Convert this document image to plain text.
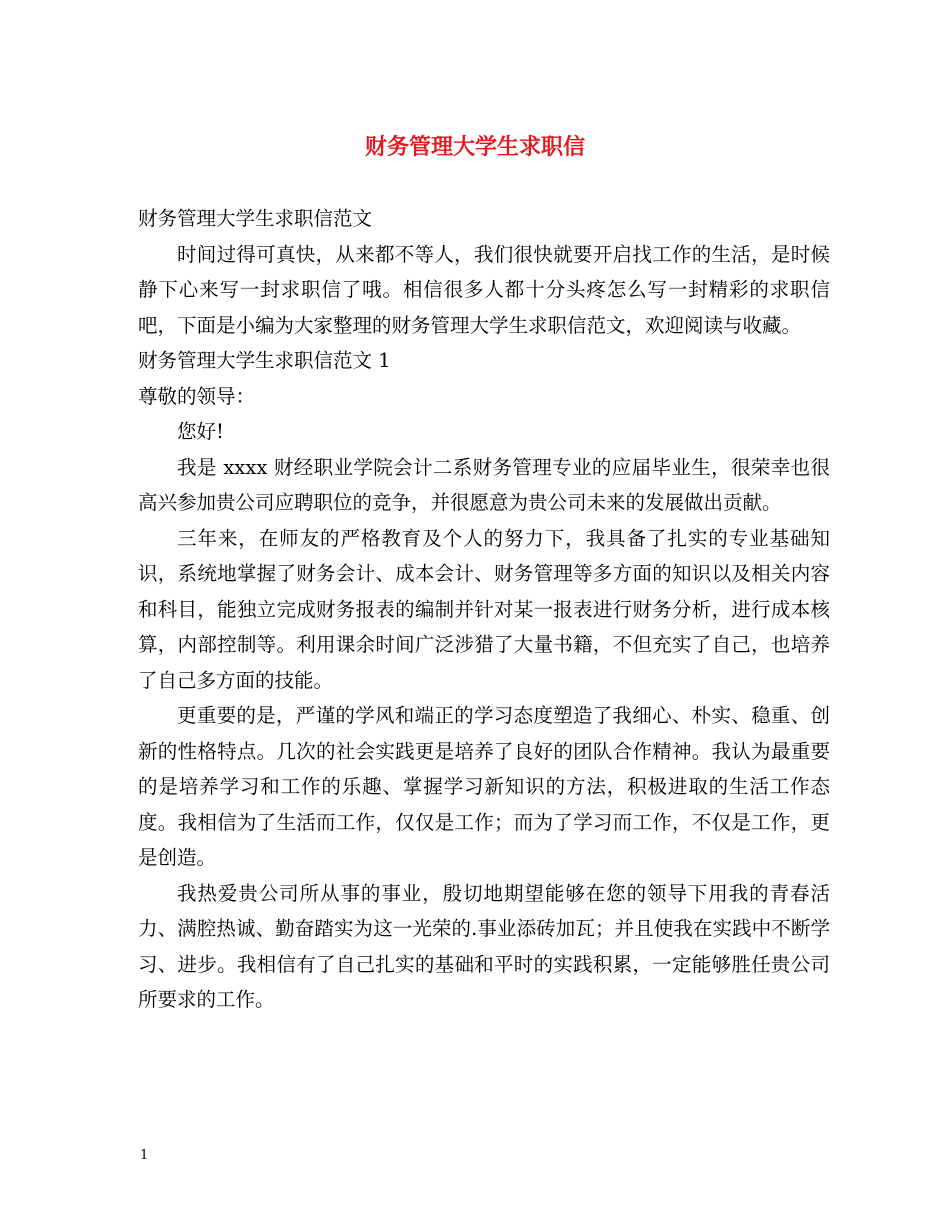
财务管理大学生求职信

财务管理大学生求职信范文

时间过得可真快，从来都不等人，我们很快就要开启找工作的生活，是时候静下心来写一封求职信了哦。相信很多人都十分头疼怎么写一封精彩的求职信吧，下面是小编为大家整理的财务管理大学生求职信范文，欢迎阅读与收藏。

财务管理大学生求职信范文 1

尊敬的领导：

您好!

我是 xxxx 财经职业学院会计二系财务管理专业的应届毕业生，很荣幸也很高兴参加贵公司应聘职位的竞争，并很愿意为贵公司未来的发展做出贡献。

三年来，在师友的严格教育及个人的努力下，我具备了扎实的专业基础知识，系统地掌握了财务会计、成本会计、财务管理等多方面的知识以及相关内容和科目，能独立完成财务报表的编制并针对某一报表进行财务分析，进行成本核算，内部控制等。利用课余时间广泛涉猎了大量书籍，不但充实了自己，也培养了自己多方面的技能。

更重要的是，严谨的学风和端正的学习态度塑造了我细心、朴实、稳重、创新的性格特点。几次的社会实践更是培养了良好的团队合作精神。我认为最重要的是培养学习和工作的乐趣、掌握学习新知识的方法，积极进取的生活工作态度。我相信为了生活而工作，仅仅是工作；而为了学习而工作，不仅是工作，更是创造。

我热爱贵公司所从事的事业，殷切地期望能够在您的领导下用我的青春活力、满腔热诚、勤奋踏实为这一光荣的.事业添砖加瓦；并且使我在实践中不断学习、进步。我相信有了自己扎实的基础和平时的实践积累，一定能够胜任贵公司所要求的工作。

1
